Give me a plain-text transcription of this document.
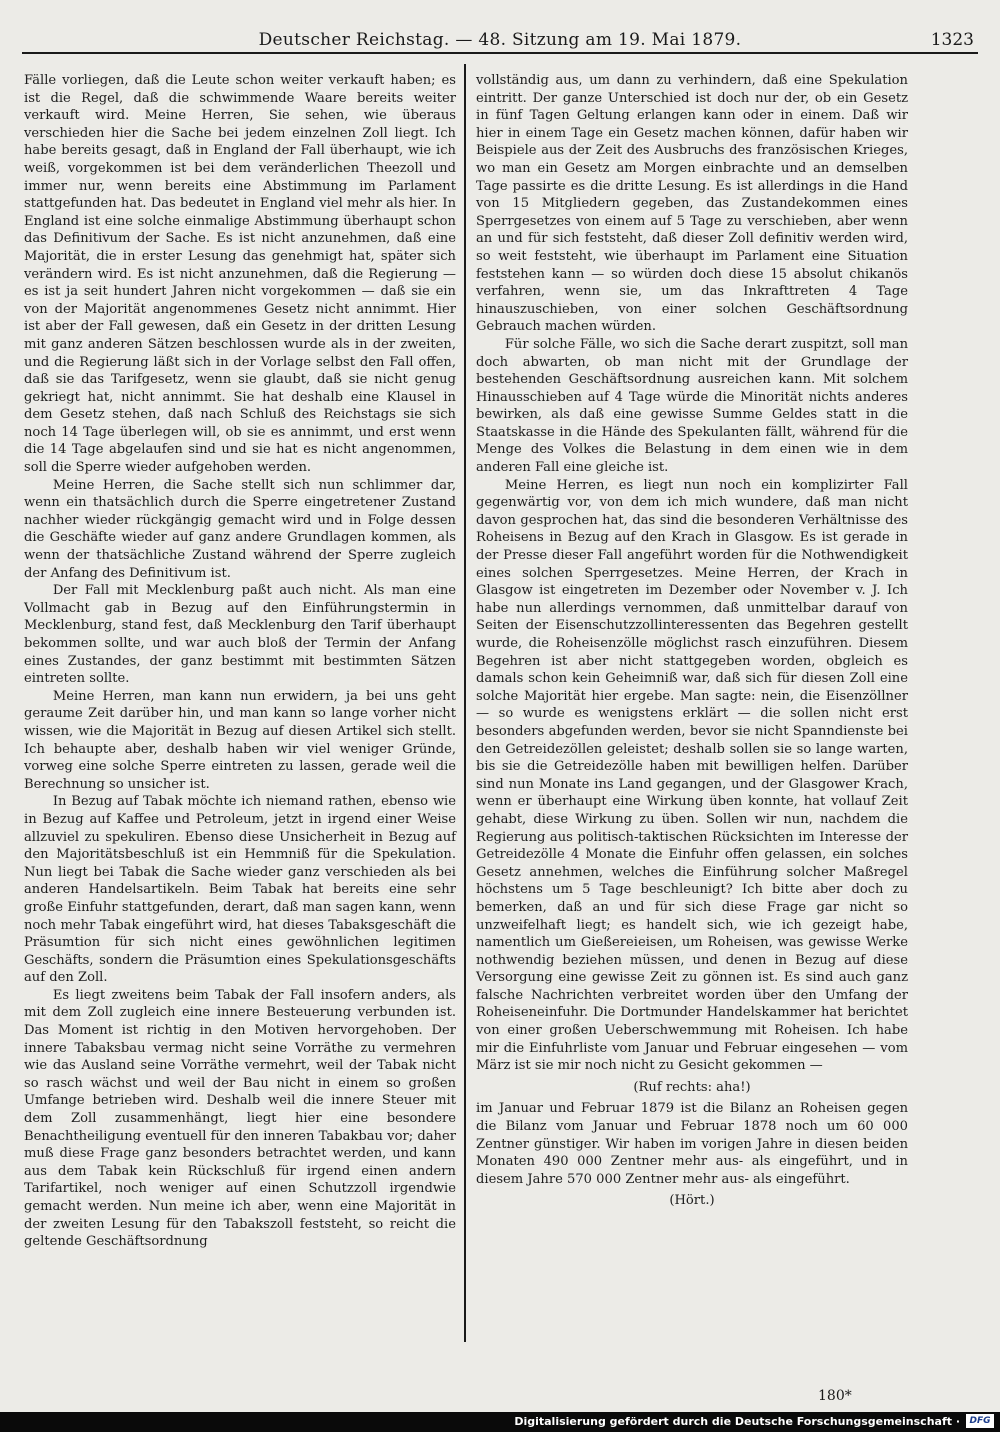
Deutscher Reichstag. — 48. Sitzung am 19. Mai 1879.	1323

Fälle vorliegen, daß die Leute schon weiter verkauft haben; es ist die Regel, daß die schwimmende Waare bereits weiter verkauft wird. Meine Herren, Sie sehen, wie überaus verschieden hier die Sache bei jedem einzelnen Zoll liegt. Ich habe bereits gesagt, daß in England der Fall überhaupt, wie ich weiß, vorgekommen ist bei dem veränderlichen Theezoll und immer nur, wenn bereits eine Abstimmung im Parlament stattgefunden hat. Das bedeutet in England viel mehr als hier. In England ist eine solche einmalige Abstimmung überhaupt schon das Definitivum der Sache. Es ist nicht anzunehmen, daß eine Majorität, die in erster Lesung das genehmigt hat, später sich verändern wird. Es ist nicht anzunehmen, daß die Regierung — es ist ja seit hundert Jahren nicht vorgekommen — daß sie ein von der Majorität angenommenes Gesetz nicht annimmt. Hier ist aber der Fall gewesen, daß ein Gesetz in der dritten Lesung mit ganz anderen Sätzen beschlossen wurde als in der zweiten, und die Regierung läßt sich in der Vorlage selbst den Fall offen, daß sie das Tarifgesetz, wenn sie glaubt, daß sie nicht genug gekriegt hat, nicht annimmt. Sie hat deshalb eine Klausel in dem Gesetz stehen, daß nach Schluß des Reichstags sie sich noch 14 Tage überlegen will, ob sie es annimmt, und erst wenn die 14 Tage abgelaufen sind und sie hat es nicht angenommen, soll die Sperre wieder aufgehoben werden.

Meine Herren, die Sache stellt sich nun schlimmer dar, wenn ein thatsächlich durch die Sperre eingetretener Zustand nachher wieder rückgängig gemacht wird und in Folge dessen die Geschäfte wieder auf ganz andere Grundlagen kommen, als wenn der thatsächliche Zustand während der Sperre zugleich der Anfang des Definitivum ist.

Der Fall mit Mecklenburg paßt auch nicht. Als man eine Vollmacht gab in Bezug auf den Einführungstermin in Mecklenburg, stand fest, daß Mecklenburg den Tarif überhaupt bekommen sollte, und war auch bloß der Termin der Anfang eines Zustandes, der ganz bestimmt mit bestimmten Sätzen eintreten sollte.

Meine Herren, man kann nun erwidern, ja bei uns geht geraume Zeit darüber hin, und man kann so lange vorher nicht wissen, wie die Majorität in Bezug auf diesen Artikel sich stellt. Ich behaupte aber, deshalb haben wir viel weniger Gründe, vorweg eine solche Sperre eintreten zu lassen, gerade weil die Berechnung so unsicher ist.

In Bezug auf Tabak möchte ich niemand rathen, ebenso wie in Bezug auf Kaffee und Petroleum, jetzt in irgend einer Weise allzuviel zu spekuliren. Ebenso diese Unsicherheit in Bezug auf den Majoritätsbeschluß ist ein Hemmniß für die Spekulation. Nun liegt bei Tabak die Sache wieder ganz verschieden als bei anderen Handelsartikeln. Beim Tabak hat bereits eine sehr große Einfuhr stattgefunden, derart, daß man sagen kann, wenn noch mehr Tabak eingeführt wird, hat dieses Tabaksgeschäft die Präsumtion für sich nicht eines gewöhnlichen legitimen Geschäfts, sondern die Präsumtion eines Spekulationsgeschäfts auf den Zoll.

Es liegt zweitens beim Tabak der Fall insofern anders, als mit dem Zoll zugleich eine innere Besteuerung verbunden ist. Das Moment ist richtig in den Motiven hervorgehoben. Der innere Tabaksbau vermag nicht seine Vorräthe zu vermehren wie das Ausland seine Vorräthe vermehrt, weil der Tabak nicht so rasch wächst und weil der Bau nicht in einem so großen Umfange betrieben wird. Deshalb weil die innere Steuer mit dem Zoll zusammenhängt, liegt hier eine besondere Benachtheiligung eventuell für den inneren Tabakbau vor; daher muß diese Frage ganz besonders betrachtet werden, und kann aus dem Tabak kein Rückschluß für irgend einen andern Tarifartikel, noch weniger auf einen Schutzzoll irgendwie gemacht werden. Nun meine ich aber, wenn eine Majorität in der zweiten Lesung für den Tabakszoll feststeht, so reicht die geltende Geschäftsordnung

vollständig aus, um dann zu verhindern, daß eine Spekulation eintritt. Der ganze Unterschied ist doch nur der, ob ein Gesetz in fünf Tagen Geltung erlangen kann oder in einem. Daß wir hier in einem Tage ein Gesetz machen können, dafür haben wir Beispiele aus der Zeit des Ausbruchs des französischen Krieges, wo man ein Gesetz am Morgen einbrachte und an demselben Tage passirte es die dritte Lesung. Es ist allerdings in die Hand von 15 Mitgliedern gegeben, das Zustandekommen eines Sperrgesetzes von einem auf 5 Tage zu verschieben, aber wenn an und für sich feststeht, daß dieser Zoll definitiv werden wird, so weit feststeht, wie überhaupt im Parlament eine Situation feststehen kann — so würden doch diese 15 absolut chikanös verfahren, wenn sie, um das Inkrafttreten 4 Tage hinauszuschieben, von einer solchen Geschäftsordnung Gebrauch machen würden.

Für solche Fälle, wo sich die Sache derart zuspitzt, soll man doch abwarten, ob man nicht mit der Grundlage der bestehenden Geschäftsordnung ausreichen kann. Mit solchem Hinausschieben auf 4 Tage würde die Minorität nichts anderes bewirken, als daß eine gewisse Summe Geldes statt in die Staatskasse in die Hände des Spekulanten fällt, während für die Menge des Volkes die Belastung in dem einen wie in dem anderen Fall eine gleiche ist.

Meine Herren, es liegt nun noch ein komplizirter Fall gegenwärtig vor, von dem ich mich wundere, daß man nicht davon gesprochen hat, das sind die besonderen Verhältnisse des Roheisens in Bezug auf den Krach in Glasgow. Es ist gerade in der Presse dieser Fall angeführt worden für die Nothwendigkeit eines solchen Sperrgesetzes. Meine Herren, der Krach in Glasgow ist eingetreten im Dezember oder November v. J. Ich habe nun allerdings vernommen, daß unmittelbar darauf von Seiten der Eisenschutzzollinteressenten das Begehren gestellt wurde, die Roheisenzölle möglichst rasch einzuführen. Diesem Begehren ist aber nicht stattgegeben worden, obgleich es damals schon kein Geheimniß war, daß sich für diesen Zoll eine solche Majorität hier ergebe. Man sagte: nein, die Eisenzöllner — so wurde es wenigstens erklärt — die sollen nicht erst besonders abgefunden werden, bevor sie nicht Spanndienste bei den Getreidezöllen geleistet; deshalb sollen sie so lange warten, bis sie die Getreidezölle haben mit bewilligen helfen. Darüber sind nun Monate ins Land gegangen, und der Glasgower Krach, wenn er überhaupt eine Wirkung üben konnte, hat vollauf Zeit gehabt, diese Wirkung zu üben. Sollen wir nun, nachdem die Regierung aus politisch-taktischen Rücksichten im Interesse der Getreidezölle 4 Monate die Einfuhr offen gelassen, ein solches Gesetz annehmen, welches die Einführung solcher Maßregel höchstens um 5 Tage beschleunigt? Ich bitte aber doch zu bemerken, daß an und für sich diese Frage gar nicht so unzweifelhaft liegt; es handelt sich, wie ich gezeigt habe, namentlich um Gießereieisen, um Roheisen, was gewisse Werke nothwendig beziehen müssen, und denen in Bezug auf diese Versorgung eine gewisse Zeit zu gönnen ist. Es sind auch ganz falsche Nachrichten verbreitet worden über den Umfang der Roheiseneinfuhr. Die Dortmunder Handelskammer hat berichtet von einer großen Ueberschwemmung mit Roheisen. Ich habe mir die Einfuhrliste vom Januar und Februar eingesehen — vom März ist sie mir noch nicht zu Gesicht gekommen —

(Ruf rechts: aha!)

im Januar und Februar 1879 ist die Bilanz an Roheisen gegen die Bilanz vom Januar und Februar 1878 noch um 60 000 Zentner günstiger. Wir haben im vorigen Jahre in diesen beiden Monaten 490 000 Zentner mehr aus- als eingeführt, und in diesem Jahre 570 000 Zentner mehr aus- als eingeführt.

(Hört.)

180*
Digitalisierung gefördert durch die Deutsche Forschungsgemeinschaft ·	DFG
